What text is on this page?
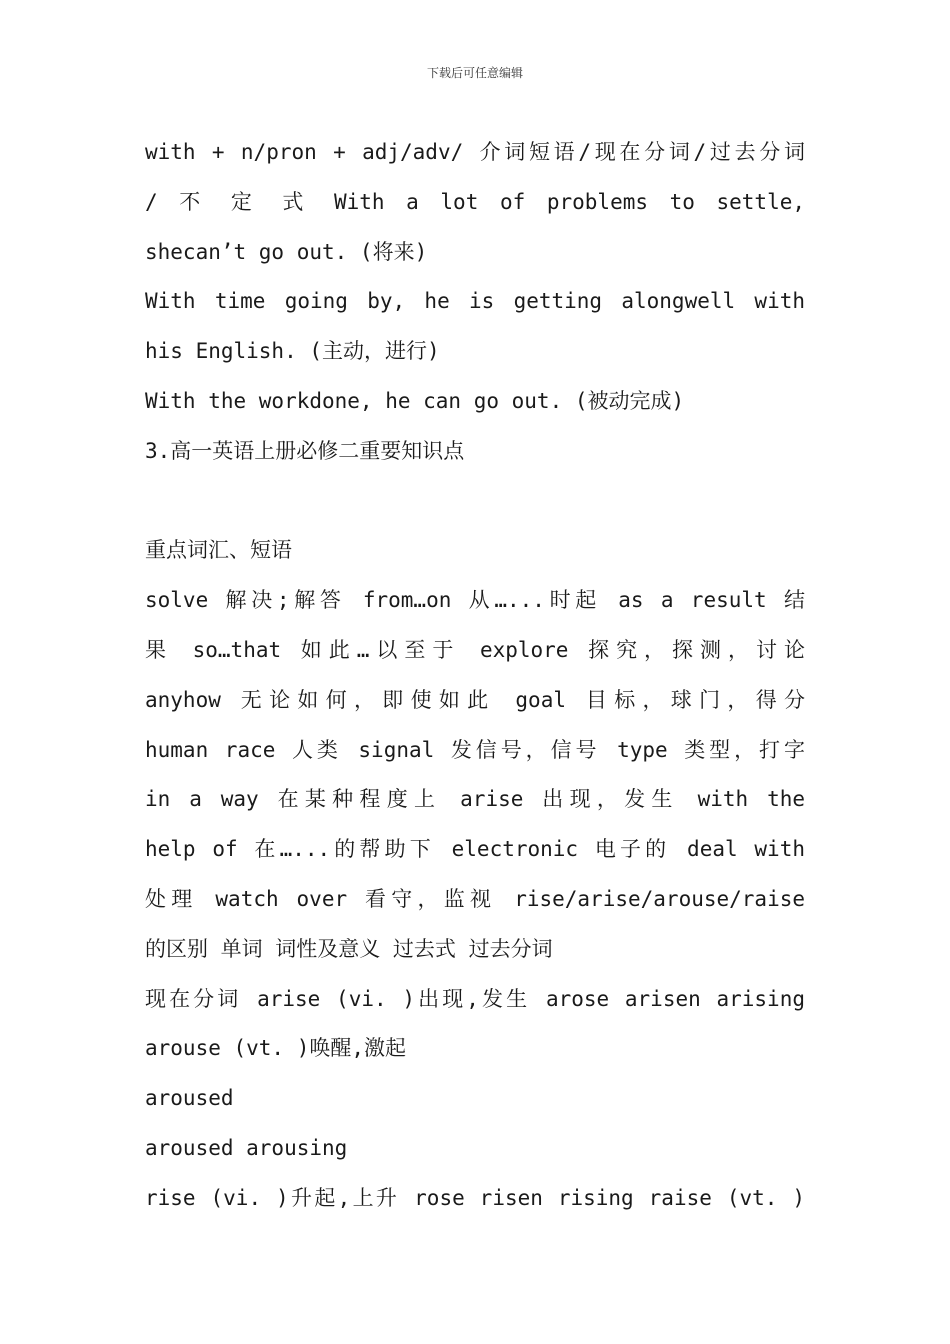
下载后可任意编辑
with + n/pron + adj/adv/ 介词短语/现在分词/过去分词
/ 不 定 式 With a lot of problems to settle,
shecan’t go out. (将来)
With time going by, he is getting alongwell with
his English. (主动，进行)
With the workdone, he can go out. (被动完成)
3.高一英语上册必修二重要知识点
重点词汇、短语
solve 解决;解答 from…on 从…...时起 as a result 结
果 so…that 如此…以至于 explore 探究，探测，讨论
anyhow 无论如何，即使如此 goal 目标，球门，得分
human race 人类 signal 发信号，信号 type 类型，打字
in a way 在某种程度上 arise 出现，发生 with the
help of 在…...的帮助下 electronic 电子的 deal with
处理 watch over 看守，监视 rise/arise/arouse/raise
的区别 单词 词性及意义 过去式 过去分词
现在分词 arise (vi. )出现,发生 arose arisen arising
arouse (vt. )唤醒,激起
aroused
aroused arousing
rise (vi. )升起,上升 rose risen rising raise (vt. )
